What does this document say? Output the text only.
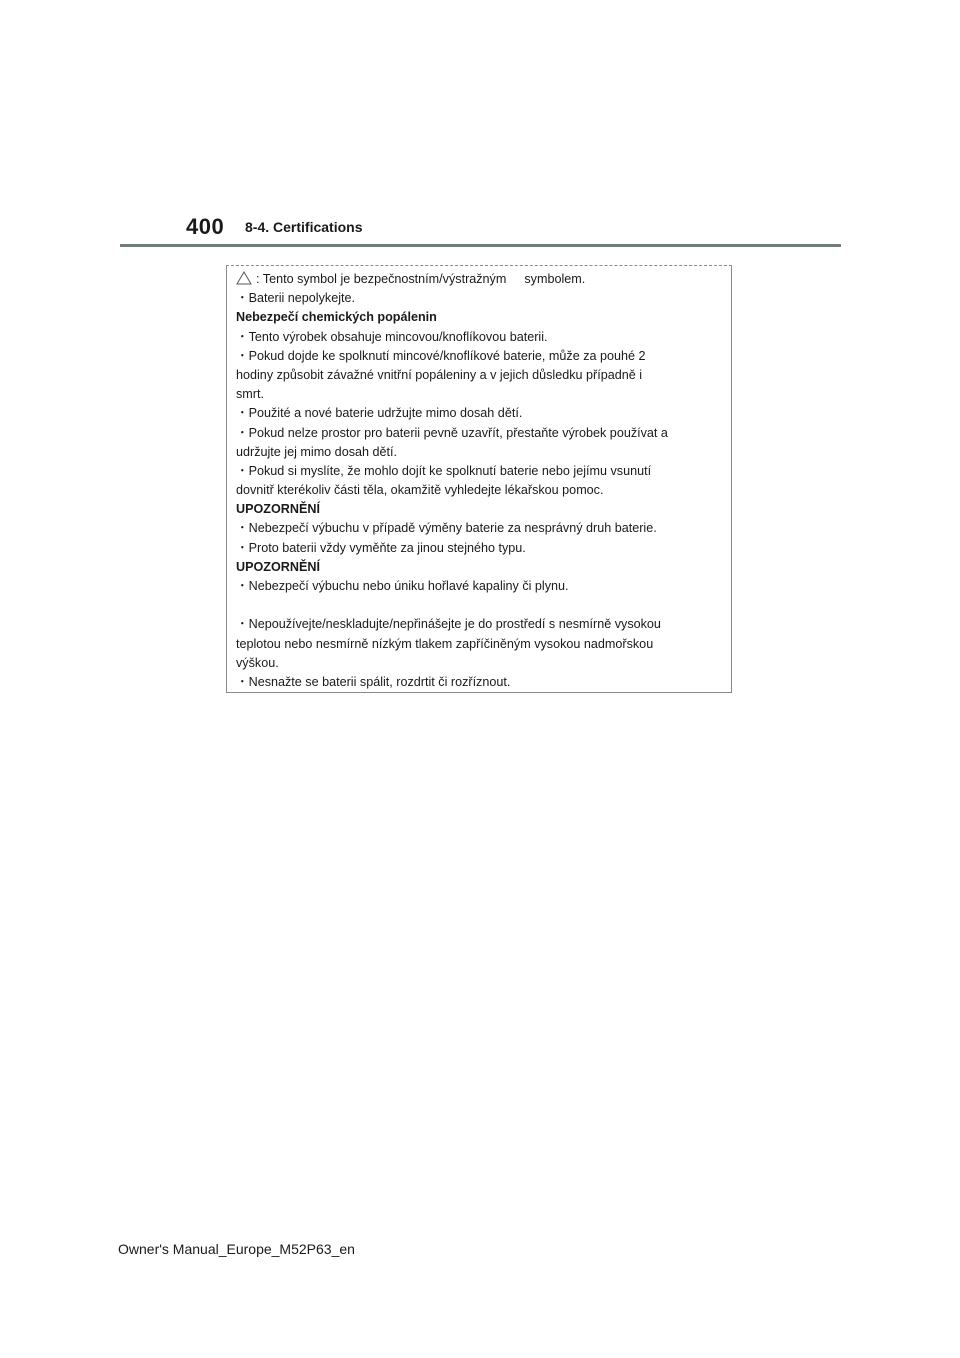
400 8-4. Certifications
: Tento symbol je bezpečnostním/výstražným symbolem.
・Baterii nepolykejte.
Nebezpečí chemických popálenin
・Tento výrobek obsahuje mincovou/knoflíkovou baterii.
・Pokud dojde ke spolknutí mincové/knoflíkové baterie, může za pouhé 2
hodiny způsobit závažné vnitřní popáleniny a v jejich důsledku případně i
smrt.
・Použité a nové baterie udržujte mimo dosah dětí.
・Pokud nelze prostor pro baterii pevně uzavřít, přestaňte výrobek používat a
udržujte jej mimo dosah dětí.
・Pokud si myslíte, že mohlo dojít ke spolknutí baterie nebo jejímu vsunutí
dovnitř kterékoliv části těla, okamžitě vyhledejte lékařskou pomoc.
UPOZORNĚNÍ
・Nebezpečí výbuchu v případě výměny baterie za nesprávný druh baterie.
・Proto baterii vždy vyměňte za jinou stejného typu.
UPOZORNĚNÍ
・Nebezpečí výbuchu nebo úniku hořlavé kapaliny či plynu.
・Nepoužívejte/neskladujte/nepřinášejte je do prostředí s nesmírně vysokou
teplotou nebo nesmírně nízkým tlakem zapříčiněným vysokou nadmořskou
výškou.
・Nesnažte se baterii spálit, rozdrtit či rozříznout.
Owner's Manual_Europe_M52P63_en
